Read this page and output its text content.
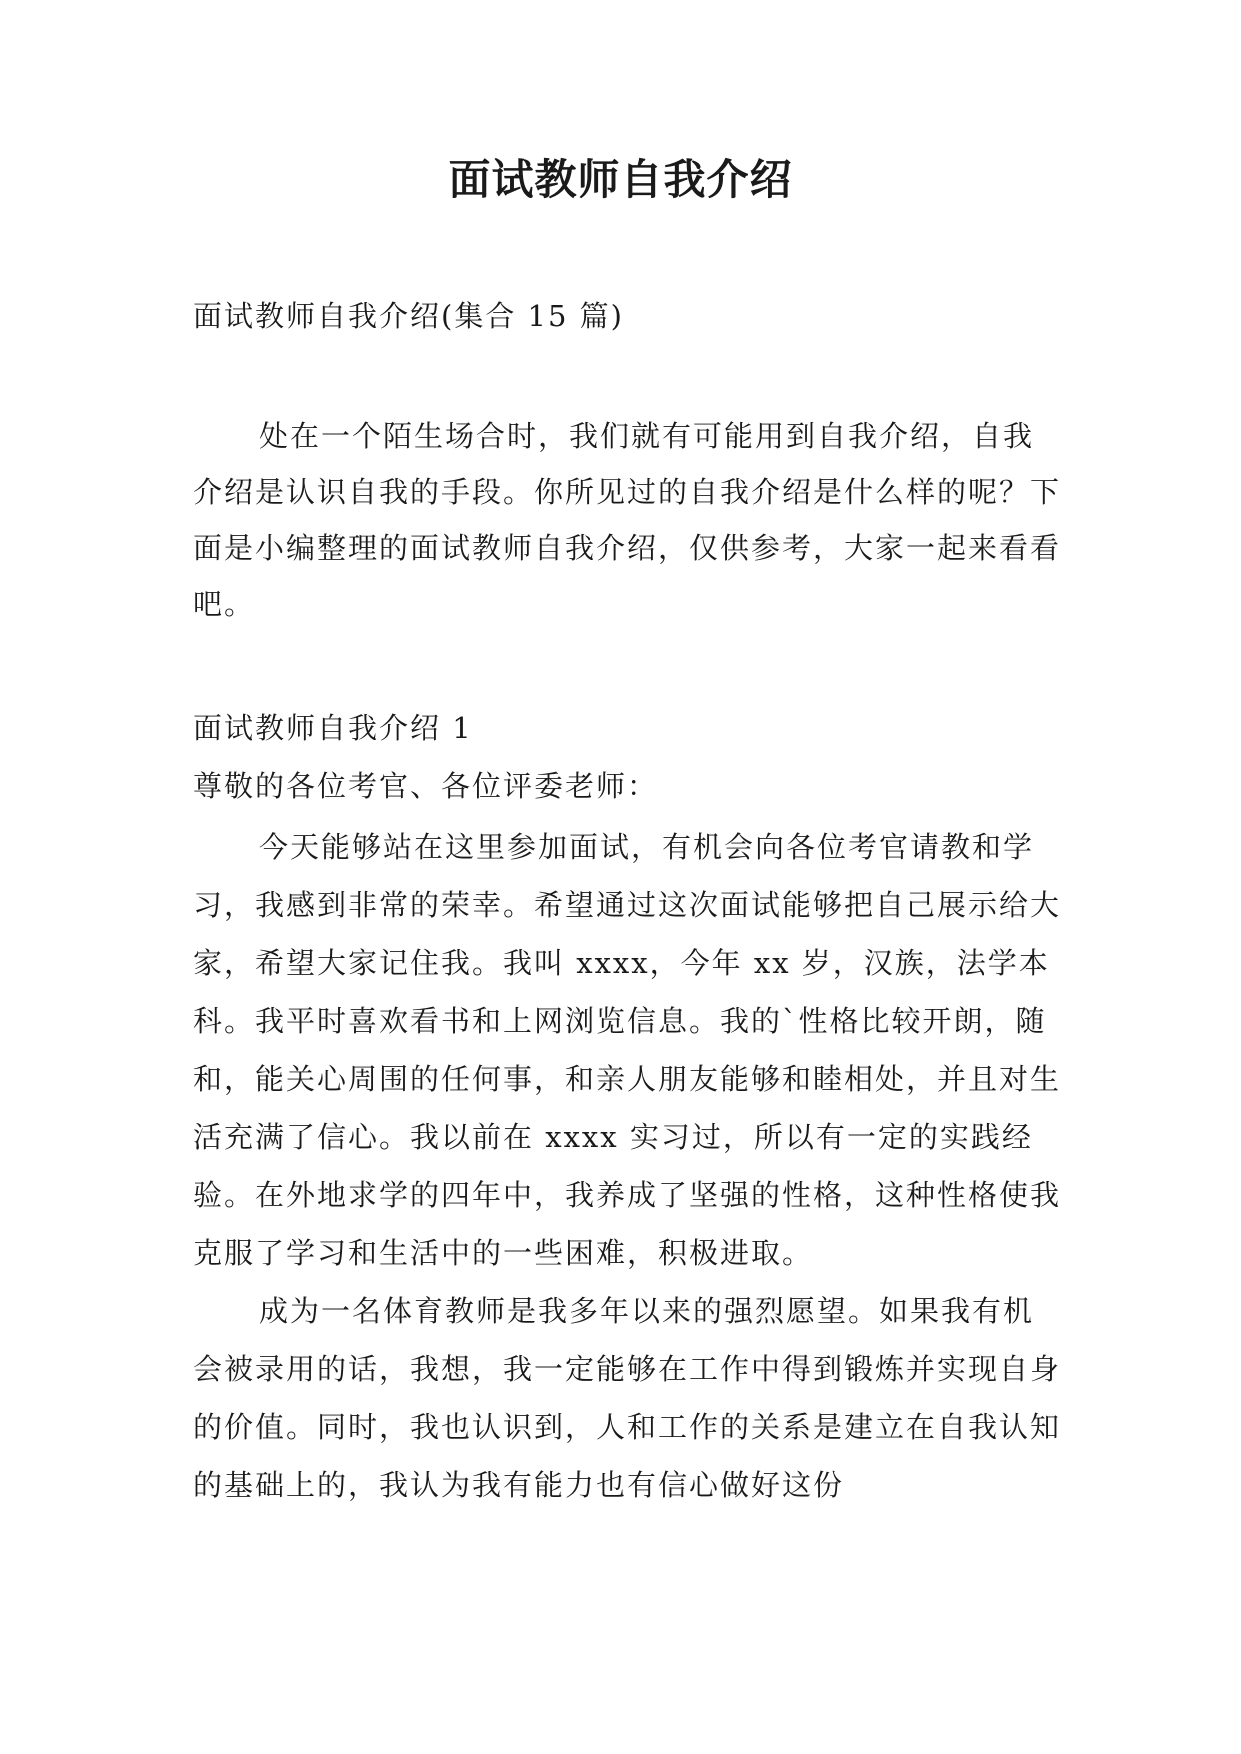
面试教师自我介绍

面试教师自我介绍(集合 15 篇)

处在一个陌生场合时，我们就有可能用到自我介绍，自我介绍是认识自我的手段。你所见过的自我介绍是什么样的呢？下面是小编整理的面试教师自我介绍，仅供参考，大家一起来看看吧。

面试教师自我介绍 1

尊敬的各位考官、各位评委老师：

今天能够站在这里参加面试，有机会向各位考官请教和学习，我感到非常的荣幸。希望通过这次面试能够把自己展示给大家，希望大家记住我。我叫 xxxx，今年 xx 岁，汉族，法学本科。我平时喜欢看书和上网浏览信息。我的`性格比较开朗，随和，能关心周围的任何事，和亲人朋友能够和睦相处，并且对生活充满了信心。我以前在 xxxx 实习过，所以有一定的实践经验。在外地求学的四年中，我养成了坚强的性格，这种性格使我克服了学习和生活中的一些困难，积极进取。

成为一名体育教师是我多年以来的强烈愿望。如果我有机会被录用的话，我想，我一定能够在工作中得到锻炼并实现自身的价值。同时，我也认识到，人和工作的关系是建立在自我认知的基础上的，我认为我有能力也有信心做好这份
